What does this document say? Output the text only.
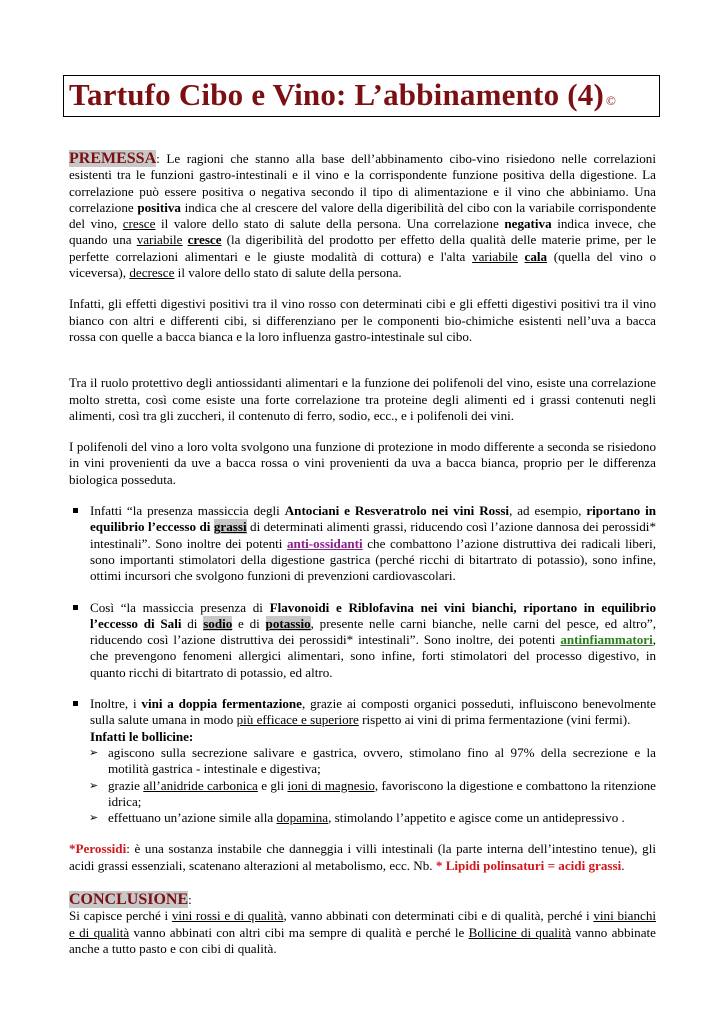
Tartufo Cibo e Vino: L’abbinamento (4) ©

PREMESSA: Le ragioni che stanno alla base dell’abbinamento cibo-vino risiedono nelle correlazioni esistenti tra le funzioni gastro-intestinali e il vino e la corrispondente funzione positiva della digestione. La correlazione può essere positiva o negativa secondo il tipo di alimentazione e il vino che abbiniamo. Una correlazione positiva indica che al crescere del valore della digeribilità del cibo con la variabile corrispondente del vino, cresce il valore dello stato di salute della persona. Una correlazione negativa indica invece, che quando una variabile cresce (la digeribilità del prodotto per effetto della qualità delle materie prime, per le perfette correlazioni alimentari e le giuste modalità di cottura) e l'alta variabile cala (quella del vino o viceversa), decresce il valore dello stato di salute della persona.

Infatti, gli effetti digestivi positivi tra il vino rosso con determinati cibi e gli effetti digestivi positivi tra il vino bianco con altri e differenti cibi, si differenziano per le componenti bio-chimiche esistenti nell’uva a bacca rossa con quelle a bacca bianca e la loro influenza gastro-intestinale sul cibo.

Tra il ruolo protettivo degli antiossidanti alimentari e la funzione dei polifenoli del vino, esiste una correlazione molto stretta, così come esiste una forte correlazione tra proteine degli alimenti ed i grassi contenuti negli alimenti, così tra gli zuccheri, il contenuto di ferro, sodio, ecc., e i polifenoli dei vini.

I polifenoli del vino a loro volta svolgono una funzione di protezione in modo differente a seconda se risiedono in vini provenienti da uve a bacca rossa o vini provenienti da uva a bacca bianca, proprio per le differenza biologica posseduta.

Infatti “la presenza massiccia degli Antociani e Resveratrolo nei vini Rossi, ad esempio, riportano in equilibrio l’eccesso di grassi di determinati alimenti grassi, riducendo così l’azione dannosa dei perossidi* intestinali”. Sono inoltre dei potenti anti-ossidanti che combattono l’azione distruttiva dei radicali liberi, sono importanti stimolatori della digestione gastrica (perché ricchi di bitartrato di potassio), sono infine, ottimi incursori che svolgono funzioni di prevenzioni cardiovascolari.
Così “la massiccia presenza di Flavonoidi e Riblofavina nei vini bianchi, riportano in equilibrio l’eccesso di Sali di sodio e di potassio, presente nelle carni bianche, nelle carni del pesce, ed altro”, riducendo così l’azione distruttiva dei perossidi* intestinali”. Sono inoltre, dei potenti antinfiammatori, che prevengono fenomeni allergici alimentari, sono infine, forti stimolatori del processo digestivo, in quanto ricchi di bitartrato di potassio, ed altro.
Inoltre, i vini a doppia fermentazione, grazie ai composti organici posseduti, influiscono benevolmente sulla salute umana in modo più efficace e superiore rispetto ai vini di prima fermentazione (vini fermi).
Infatti le bollicine:
➢ agiscono sulla secrezione salivare e gastrica, ovvero, stimolano fino al 97% della secrezione e la motilità gastrica - intestinale e digestiva;
➢ grazie all’anidride carbonica e gli ioni di magnesio, favoriscono la digestione e combattono la ritenzione idrica;
➢ effettuano un’azione simile alla dopamina, stimolando l’appetito e agisce come un antidepressivo .

*Perossidi: è una sostanza instabile che danneggia i villi intestinali (la parte interna dell’intestino tenue), gli acidi grassi essenziali, scatenano alterazioni al metabolismo, ecc. Nb. * Lipidi polinsaturi = acidi grassi.

CONCLUSIONE:

Si capisce perché i vini rossi e di qualità, vanno abbinati con determinati cibi e di qualità, perché i vini bianchi e di qualità vanno abbinati con altri cibi ma sempre di qualità e perché le Bollicine di qualità vanno abbinate anche a tutto pasto e con cibi di qualità.
